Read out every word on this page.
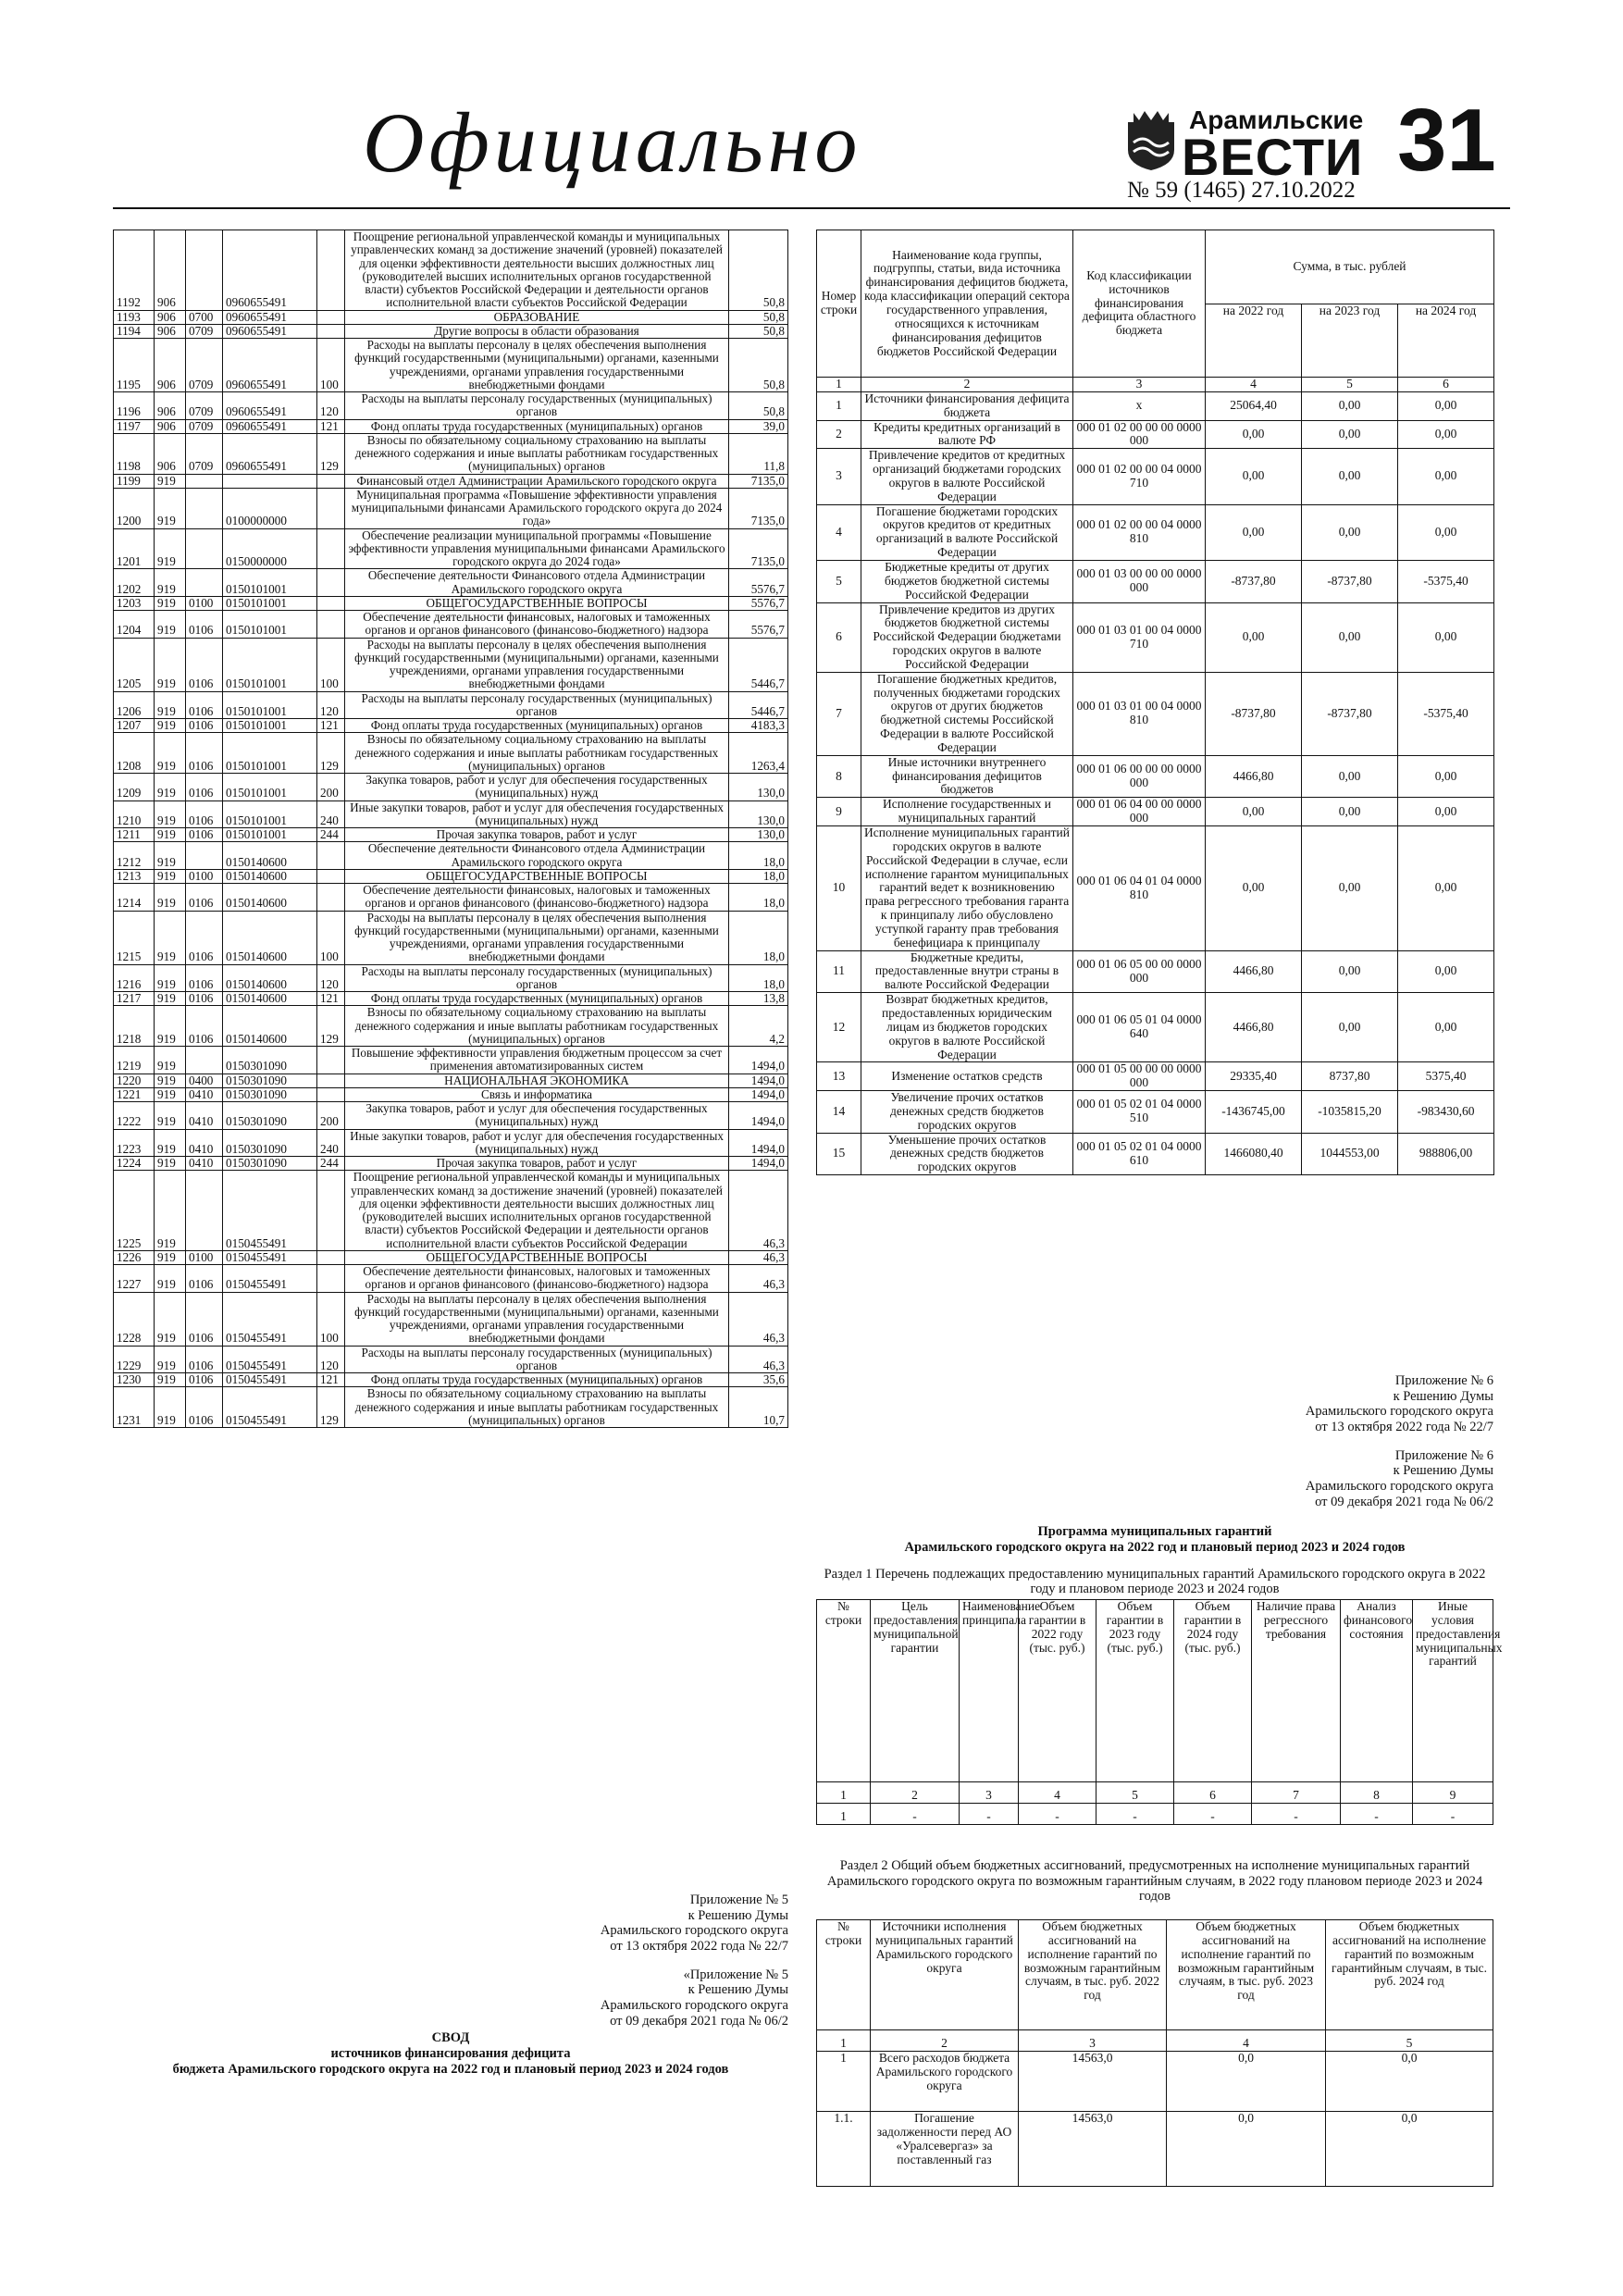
Официально	Арамильские
ВЕСТИ 31
№ 59 (1465) 27.10.2022
1192	906		0960655491		Поощрение региональной управленческой команды и муниципальных управленческих команд за достижение значений (уровней) показателей для оценки эффективности деятельности высших должностных лиц (руководителей высших исполнительных органов государственной власти) субъектов Российской Федерации и деятельности органов исполнительной власти субъектов Российской Федерации	50,8
1193	906	0700	0960655491		ОБРАЗОВАНИЕ	50,8
1194	906	0709	0960655491		Другие вопросы в области образования	50,8
1195	906	0709	0960655491	100	Расходы на выплаты персоналу в целях обеспечения выполнения функций государственными (муниципальными) органами, казенными учреждениями, органами управления государственными внебюджетными фондами	50,8
1196	906	0709	0960655491	120	Расходы на выплаты персоналу государственных (муниципальных) органов	50,8
1197	906	0709	0960655491	121	Фонд оплаты труда государственных (муниципальных) органов	39,0
1198	906	0709	0960655491	129	Взносы по обязательному социальному страхованию на выплаты денежного содержания и иные выплаты работникам государственных (муниципальных) органов	11,8
1199	919				Финансовый отдел Администрации Арамильского городского округа	7135,0
1200	919		0100000000		Муниципальная программа «Повышение эффективности управления муниципальными финансами Арамильского городского округа до 2024 года»	7135,0
1201	919		0150000000		Обеспечение реализации муниципальной программы «Повышение эффективности управления муниципальными финансами Арамильского городского округа до 2024 года»	7135,0
1202	919		0150101001		Обеспечение деятельности Финансового отдела Администрации Арамильского городского округа	5576,7
1203	919	0100	0150101001		ОБЩЕГОСУДАРСТВЕННЫЕ ВОПРОСЫ	5576,7
1204	919	0106	0150101001		Обеспечение деятельности финансовых, налоговых и таможенных органов и органов финансового (финансово-бюджетного) надзора	5576,7
1205	919	0106	0150101001	100	Расходы на выплаты персоналу в целях обеспечения выполнения функций государственными (муниципальными) органами, казенными учреждениями, органами управления государственными внебюджетными фондами	5446,7
1206	919	0106	0150101001	120	Расходы на выплаты персоналу государственных (муниципальных) органов	5446,7
1207	919	0106	0150101001	121	Фонд оплаты труда государственных (муниципальных) органов	4183,3
1208	919	0106	0150101001	129	Взносы по обязательному социальному страхованию на выплаты денежного содержания и иные выплаты работникам государственных (муниципальных) органов	1263,4
1209	919	0106	0150101001	200	Закупка товаров, работ и услуг для обеспечения государственных (муниципальных) нужд	130,0
1210	919	0106	0150101001	240	Иные закупки товаров, работ и услуг для обеспечения государственных (муниципальных) нужд	130,0
1211	919	0106	0150101001	244	Прочая закупка товаров, работ и услуг	130,0
1212	919		0150140600		Обеспечение деятельности Финансового отдела Администрации Арамильского городского округа	18,0
1213	919	0100	0150140600		ОБЩЕГОСУДАРСТВЕННЫЕ ВОПРОСЫ	18,0
1214	919	0106	0150140600		Обеспечение деятельности финансовых, налоговых и таможенных органов и органов финансового (финансово-бюджетного) надзора	18,0
1215	919	0106	0150140600	100	Расходы на выплаты персоналу в целях обеспечения выполнения функций государственными (муниципальными) органами, казенными учреждениями, органами управления государственными внебюджетными фондами	18,0
1216	919	0106	0150140600	120	Расходы на выплаты персоналу государственных (муниципальных) органов	18,0
1217	919	0106	0150140600	121	Фонд оплаты труда государственных (муниципальных) органов	13,8
1218	919	0106	0150140600	129	Взносы по обязательному социальному страхованию на выплаты денежного содержания и иные выплаты работникам государственных (муниципальных) органов	4,2
1219	919		0150301090		Повышение эффективности управления бюджетным процессом за счет применения автоматизированных систем	1494,0
1220	919	0400	0150301090		НАЦИОНАЛЬНАЯ ЭКОНОМИКА	1494,0
1221	919	0410	0150301090		Связь и информатика	1494,0
1222	919	0410	0150301090	200	Закупка товаров, работ и услуг для обеспечения государственных (муниципальных) нужд	1494,0
1223	919	0410	0150301090	240	Иные закупки товаров, работ и услуг для обеспечения государственных (муниципальных) нужд	1494,0
1224	919	0410	0150301090	244	Прочая закупка товаров, работ и услуг	1494,0
1225	919		0150455491		Поощрение региональной управленческой команды и муниципальных управленческих команд за достижение значений (уровней) показателей для оценки эффективности деятельности высших должностных лиц (руководителей высших исполнительных органов государственной власти) субъектов Российской Федерации и деятельности органов исполнительной власти субъектов Российской Федерации	46,3
1226	919	0100	0150455491		ОБЩЕГОСУДАРСТВЕННЫЕ ВОПРОСЫ	46,3
1227	919	0106	0150455491		Обеспечение деятельности финансовых, налоговых и таможенных органов и органов финансового (финансово-бюджетного) надзора	46,3
1228	919	0106	0150455491	100	Расходы на выплаты персоналу в целях обеспечения выполнения функций государственными (муниципальными) органами, казенными учреждениями, органами управления государственными внебюджетными фондами	46,3
1229	919	0106	0150455491	120	Расходы на выплаты персоналу государственных (муниципальных) органов	46,3
1230	919	0106	0150455491	121	Фонд оплаты труда государственных (муниципальных) органов	35,6
1231	919	0106	0150455491	129	Взносы по обязательному социальному страхованию на выплаты денежного содержания и иные выплаты работникам государственных (муниципальных) органов	10,7
Приложение № 5
к Решению Думы
Арамильского городского округа
от 13 октября 2022 года № 22/7
«Приложение № 5
к Решению Думы
Арамильского городского округа
от 09 декабря 2021 года № 06/2
СВОД
источников финансирования дефицита
бюджета Арамильского городского округа на 2022 год и плановый период 2023 и 2024 годов
Номер строки	Наименование кода группы, подгруппы, статьи, вида источника финансирования дефицитов бюджета, кода классификации операций сектора государственного управления, относящихся к источникам финансирования дефицитов бюджетов Российской Федерации	Код классификации источников финансирования дефицита областного бюджета	Сумма, в тыс. рублей		
			на 2022 год	на 2023 год	на 2024 год
1	2	3	4	5	6
1	Источники финансирования дефицита бюджета	х	25064,40	0,00	0,00
2	Кредиты кредитных организаций в валюте РФ	000 01 02 00 00 00 0000 000	0,00	0,00	0,00
3	Привлечение кредитов от кредитных организаций бюджетами городских округов в валюте Российской Федерации	000 01 02 00 00 04 0000 710	0,00	0,00	0,00
4	Погашение бюджетами городских округов кредитов от кредитных организаций в валюте Российской Федерации	000 01 02 00 00 04 0000 810	0,00	0,00	0,00
5	Бюджетные кредиты от других бюджетов бюджетной системы Российской Федерации	000 01 03 00 00 00 0000 000	-8737,80	-8737,80	-5375,40
6	Привлечение кредитов из других бюджетов бюджетной системы Российской Федерации бюджетами городских округов в валюте Российской Федерации	000 01 03 01 00 04 0000 710	0,00	0,00	0,00
7	Погашение бюджетных кредитов, полученных бюджетами городских округов от других бюджетов бюджетной системы Российской Федерации в валюте Российской Федерации	000 01 03 01 00 04 0000 810	-8737,80	-8737,80	-5375,40
8	Иные источники внутреннего финансирования дефицитов бюджетов	000 01 06 00 00 00 0000 000	4466,80	0,00	0,00
9	Исполнение государственных и муниципальных гарантий	000 01 06 04 00 00 0000 000	0,00	0,00	0,00
10	Исполнение муниципальных гарантий городских округов в валюте Российской Федерации в случае, если исполнение гарантом муниципальных гарантий ведет к возникновению права регрессного требования гаранта к принципалу либо обусловлено уступкой гаранту прав требования бенефициара к принципалу	000 01 06 04 01 04 0000 810	0,00	0,00	0,00
11	Бюджетные кредиты, предоставленные внутри страны в валюте Российской Федерации	000 01 06 05 00 00 0000 000	4466,80	0,00	0,00
12	Возврат бюджетных кредитов, предоставленных юридическим лицам из бюджетов городских округов в валюте Российской Федерации	000 01 06 05 01 04 0000 640	4466,80	0,00	0,00
13	Изменение остатков средств	000 01 05 00 00 00 0000 000	29335,40	8737,80	5375,40
14	Увеличение прочих остатков денежных средств бюджетов городских округов	000 01 05 02 01 04 0000 510	-1436745,00	-1035815,20	-983430,60
15	Уменьшение прочих остатков денежных средств бюджетов городских округов	000 01 05 02 01 04 0000 610	1466080,40	1044553,00	988806,00
Приложение № 6
к Решению Думы
Арамильского городского округа
от 13 октября 2022 года № 22/7
Приложение № 6
к Решению Думы
Арамильского городского округа
от 09 декабря 2021 года № 06/2
Программа муниципальных гарантий
Арамильского городского округа на 2022 год и плановый период 2023 и 2024 годов
Раздел 1 Перечень подлежащих предоставлению муниципальных гарантий Арамильского городского округа в 2022 году и плановом периоде 2023 и 2024 годов
№ строки	Цель предоставления муниципальной гарантии	Наименование принципала	Объем гарантии в 2022 году (тыс. руб.)	Объем гарантии в 2023 году (тыс. руб.)	Объем гарантии в 2024 году (тыс. руб.)	Наличие права регрессного требования	Анализ финансового состояния	Иные условия предоставления муниципальных гарантий
1	2	3	4	5	6	7	8	9
1	-	-	-	-	-	-	-	-
Раздел 2 Общий объем бюджетных ассигнований, предусмотренных на исполнение муниципальных гарантий Арамильского городского округа по возможным гарантийным случаям, в 2022 году плановом периоде 2023 и 2024 годов
№ строки	Источники исполнения муниципальных гарантий Арамильского городского округа	Объем бюджетных ассигнований на исполнение гарантий по возможным гарантийным случаям, в тыс. руб. 2022 год	Объем бюджетных ассигнований на исполнение гарантий по возможным гарантийным случаям, в тыс. руб. 2023 год	Объем бюджетных ассигнований на исполнение гарантий по возможным гарантийным случаям, в тыс. руб. 2024 год
1	2	3	4	5
1	Всего расходов бюджета Арамильского городского округа	14563,0	0,0	0,0
1.1.	Погашение задолженности перед АО «Уралсевергаз» за поставленный газ	14563,0	0,0	0,0
